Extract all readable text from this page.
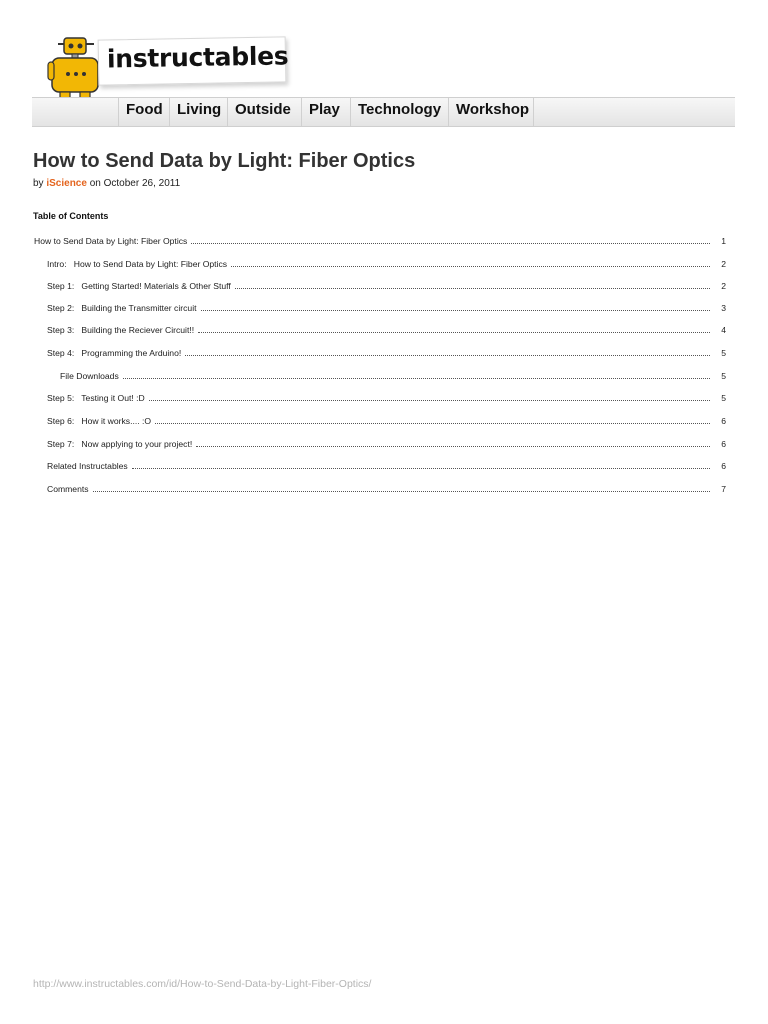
instructables
Food Living Outside	Play	Technology Workshop
How to Send Data by Light: Fiber Optics
by iScience on October 26, 2011
Table of Contents
How to Send Data by Light: Fiber Optics	1
Intro:   How to Send Data by Light: Fiber Optics	2
Step 1:   Getting Started! Materials & Other Stuff	2
Step 2:   Building the Transmitter circuit	3
Step 3:   Building the Reciever Circuit!!	4
Step 4:   Programming the Arduino!	5
File Downloads	5
Step 5:   Testing it Out! :D	5
Step 6:   How it works.... :O	6
Step 7:   Now applying to your project!	6
Related Instructables	6
Comments	7
http://www.instructables.com/id/How-to-Send-Data-by-Light-Fiber-Optics/
